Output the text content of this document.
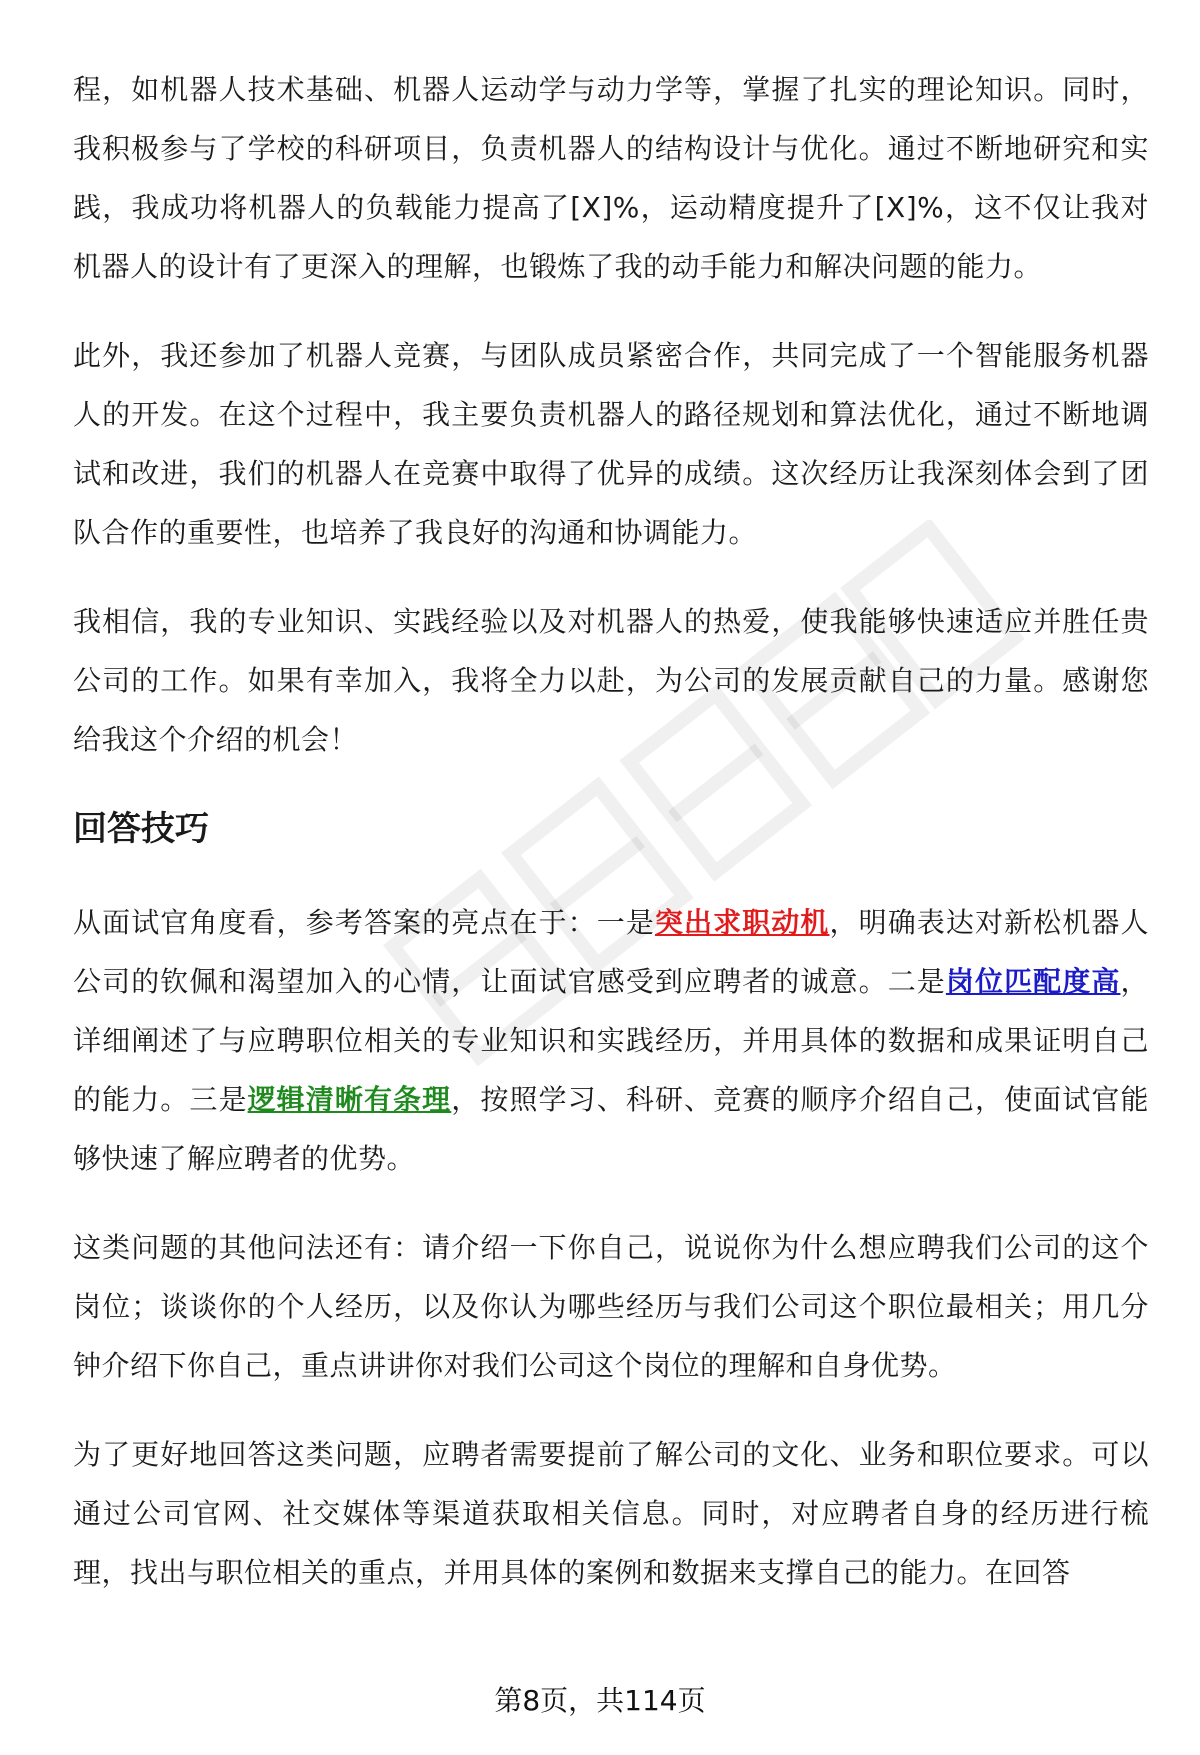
程，如机器人技术基础、机器人运动学与动力学等，掌握了扎实的理论知识。同时，我积极参与了学校的科研项目，负责机器人的结构设计与优化。通过不断地研究和实践，我成功将机器人的负载能力提高了[X]%，运动精度提升了[X]%，这不仅让我对机器人的设计有了更深入的理解，也锻炼了我的动手能力和解决问题的能力。

此外，我还参加了机器人竞赛，与团队成员紧密合作，共同完成了一个智能服务机器人的开发。在这个过程中，我主要负责机器人的路径规划和算法优化，通过不断地调试和改进，我们的机器人在竞赛中取得了优异的成绩。这次经历让我深刻体会到了团队合作的重要性，也培养了我良好的沟通和协调能力。

我相信，我的专业知识、实践经验以及对机器人的热爱，使我能够快速适应并胜任贵公司的工作。如果有幸加入，我将全力以赴，为公司的发展贡献自己的力量。感谢您给我这个介绍的机会！

回答技巧

从面试官角度看，参考答案的亮点在于：一是突出求职动机，明确表达对新松机器人公司的钦佩和渴望加入的心情，让面试官感受到应聘者的诚意。二是岗位匹配度高，详细阐述了与应聘职位相关的专业知识和实践经历，并用具体的数据和成果证明自己的能力。三是逻辑清晰有条理，按照学习、科研、竞赛的顺序介绍自己，使面试官能够快速了解应聘者的优势。

这类问题的其他问法还有：请介绍一下你自己，说说你为什么想应聘我们公司的这个岗位；谈谈你的个人经历，以及你认为哪些经历与我们公司这个职位最相关；用几分钟介绍下你自己，重点讲讲你对我们公司这个岗位的理解和自身优势。

为了更好地回答这类问题，应聘者需要提前了解公司的文化、业务和职位要求。可以通过公司官网、社交媒体等渠道获取相关信息。同时，对应聘者自身的经历进行梳理，找出与职位相关的重点，并用具体的案例和数据来支撑自己的能力。在回答

第8页，共114页
